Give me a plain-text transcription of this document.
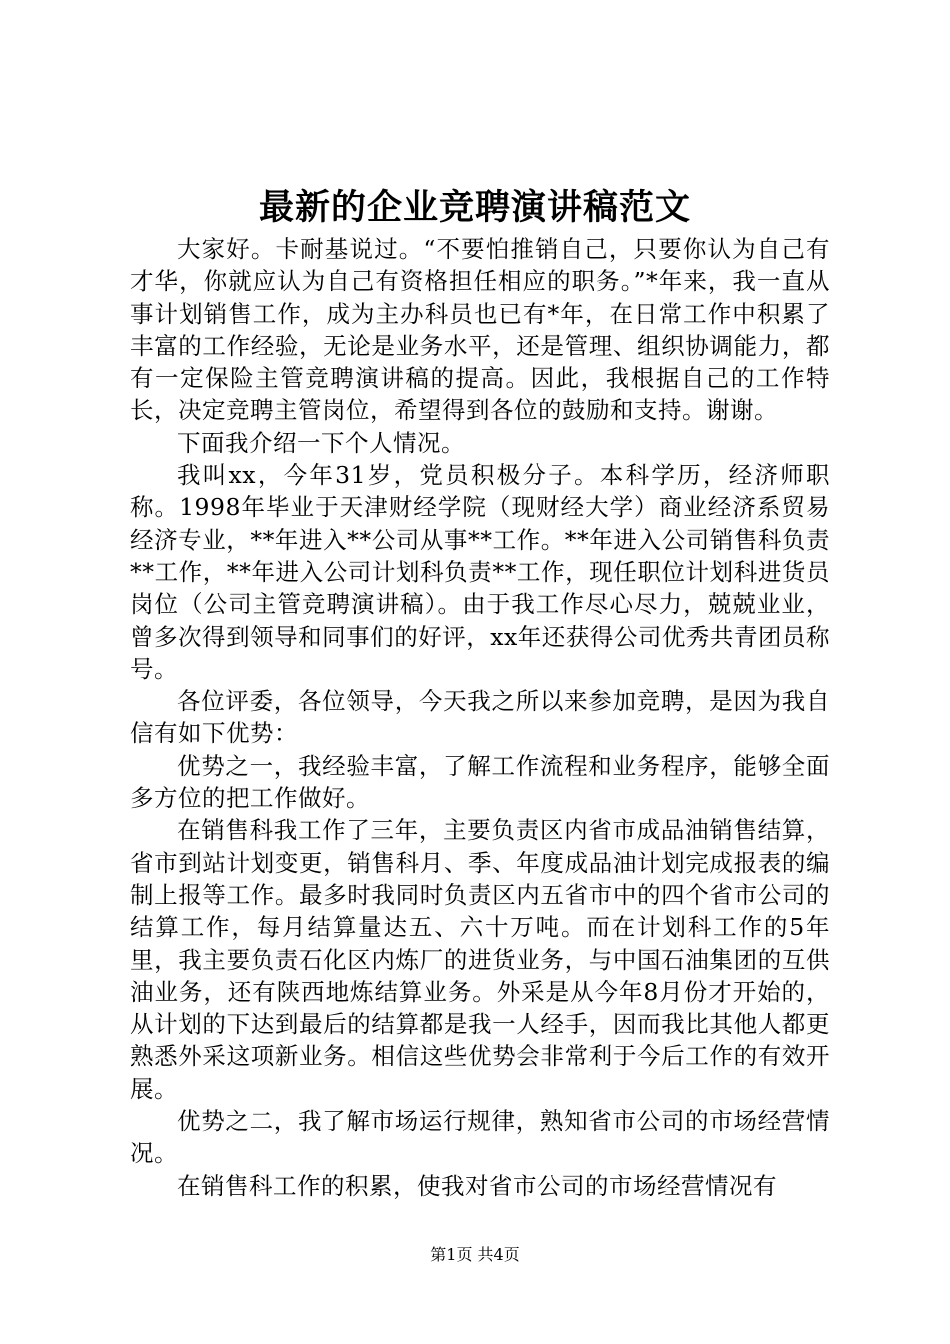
最新的企业竞聘演讲稿范文

大家好。卡耐基说过。“不要怕推销自己，只要你认为自己有才华，你就应认为自己有资格担任相应的职务。”*年来，我一直从事计划销售工作，成为主办科员也已有*年，在日常工作中积累了丰富的工作经验，无论是业务水平，还是管理、组织协调能力，都有一定保险主管竞聘演讲稿的提高。因此，我根据自己的工作特长，决定竞聘主管岗位，希望得到各位的鼓励和支持。谢谢。

下面我介绍一下个人情况。

我叫xx，今年31岁，党员积极分子。本科学历，经济师职称。1998年毕业于天津财经学院（现财经大学）商业经济系贸易经济专业，**年进入**公司从事**工作。**年进入公司销售科负责**工作，**年进入公司计划科负责**工作，现任职位计划科进货员岗位（公司主管竞聘演讲稿）。由于我工作尽心尽力，兢兢业业，曾多次得到领导和同事们的好评，xx年还获得公司优秀共青团员称号。

各位评委，各位领导，今天我之所以来参加竞聘，是因为我自信有如下优势：

优势之一，我经验丰富，了解工作流程和业务程序，能够全面多方位的把工作做好。

在销售科我工作了三年，主要负责区内省市成品油销售结算，省市到站计划变更，销售科月、季、年度成品油计划完成报表的编制上报等工作。最多时我同时负责区内五省市中的四个省市公司的结算工作，每月结算量达五、六十万吨。而在计划科工作的5年里，我主要负责石化区内炼厂的进货业务，与中国石油集团的互供油业务，还有陕西地炼结算业务。外采是从今年8月份才开始的，从计划的下达到最后的结算都是我一人经手，因而我比其他人都更熟悉外采这项新业务。相信这些优势会非常利于今后工作的有效开展。

优势之二，我了解市场运行规律，熟知省市公司的市场经营情况。

在销售科工作的积累，使我对省市公司的市场经营情况有

第1页 共4页
